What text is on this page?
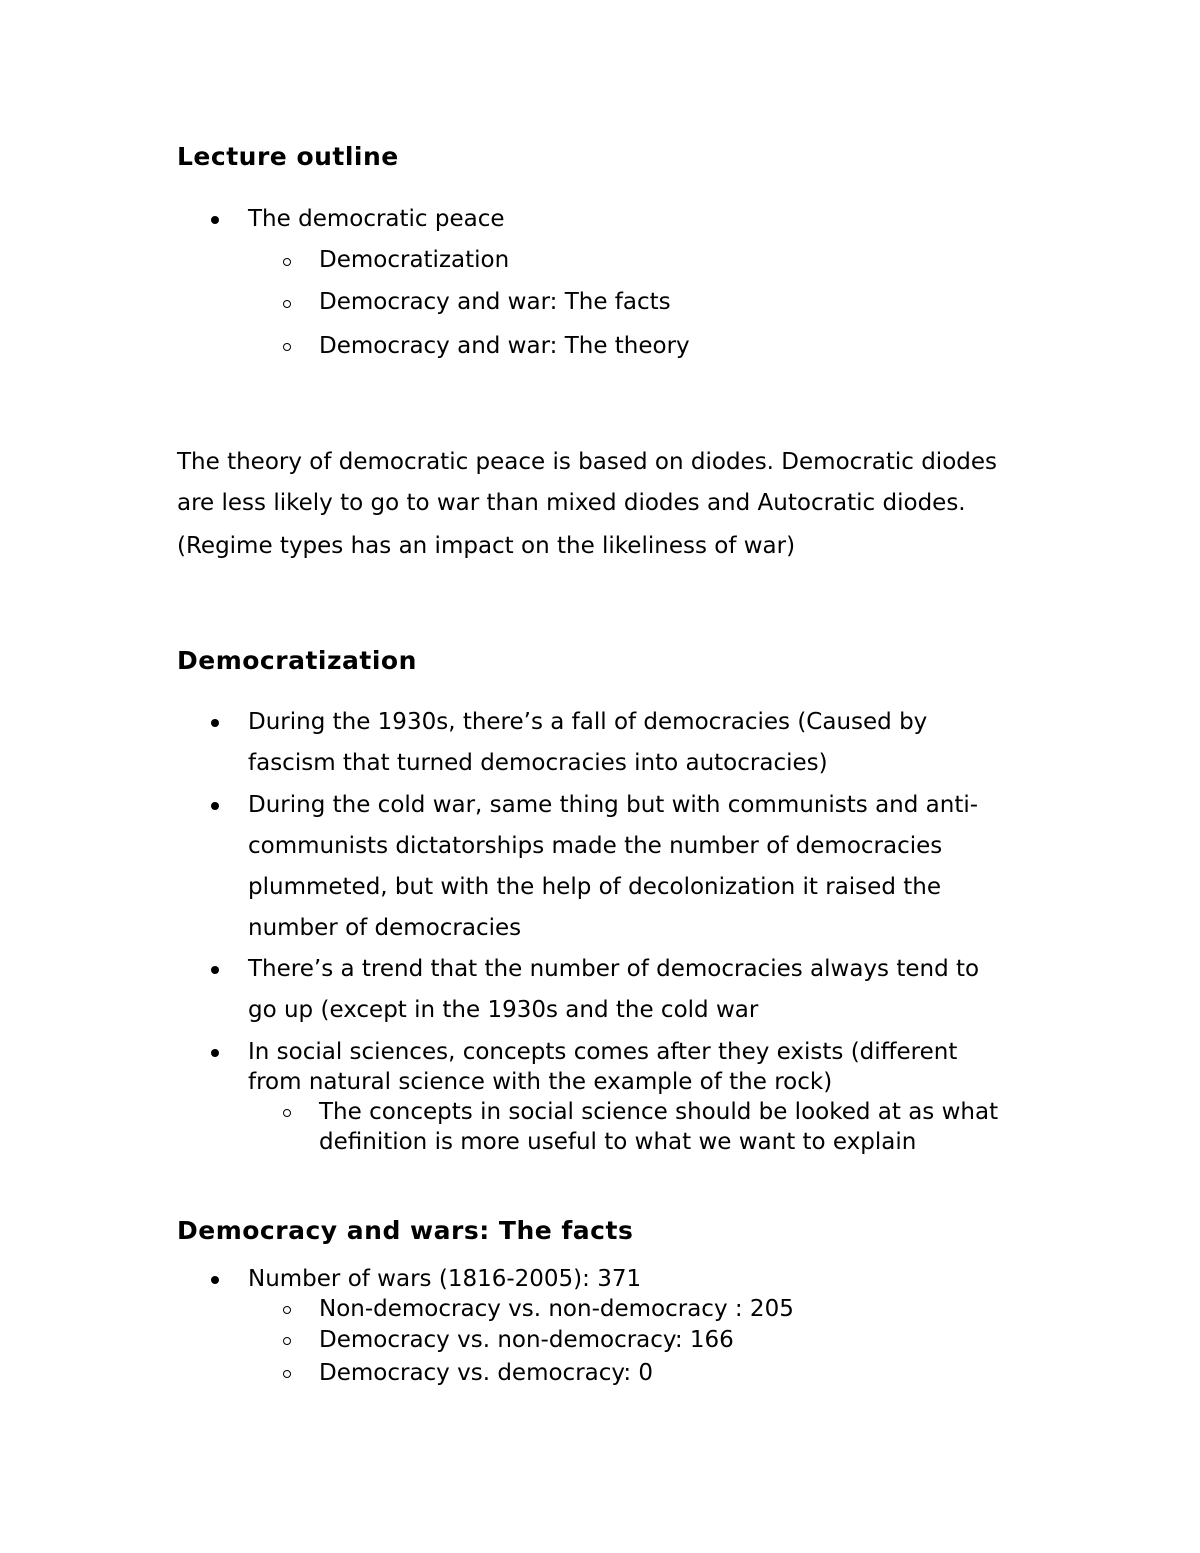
Lecture outline

The democratic peace

Democratization

Democracy and war: The facts

Democracy and war: The theory

The theory of democratic peace is based on diodes. Democratic diodes

are less likely to go to war than mixed diodes and Autocratic diodes.

(Regime types has an impact on the likeliness of war)

Democratization

During the 1930s, there’s a fall of democracies (Caused by

fascism that turned democracies into autocracies)

During the cold war, same thing but with communists and anti-

communists dictatorships made the number of democracies

plummeted, but with the help of decolonization it raised the

number of democracies

There’s a trend that the number of democracies always tend to

go up (except in the 1930s and the cold war

In social sciences, concepts comes after they exists (different

from natural science with the example of the rock)

The concepts in social science should be looked at as what

definition is more useful to what we want to explain

Democracy and wars: The facts

Number of wars (1816-2005): 371

Non-democracy vs. non-democracy : 205

Democracy vs. non-democracy: 166

Democracy vs. democracy: 0
